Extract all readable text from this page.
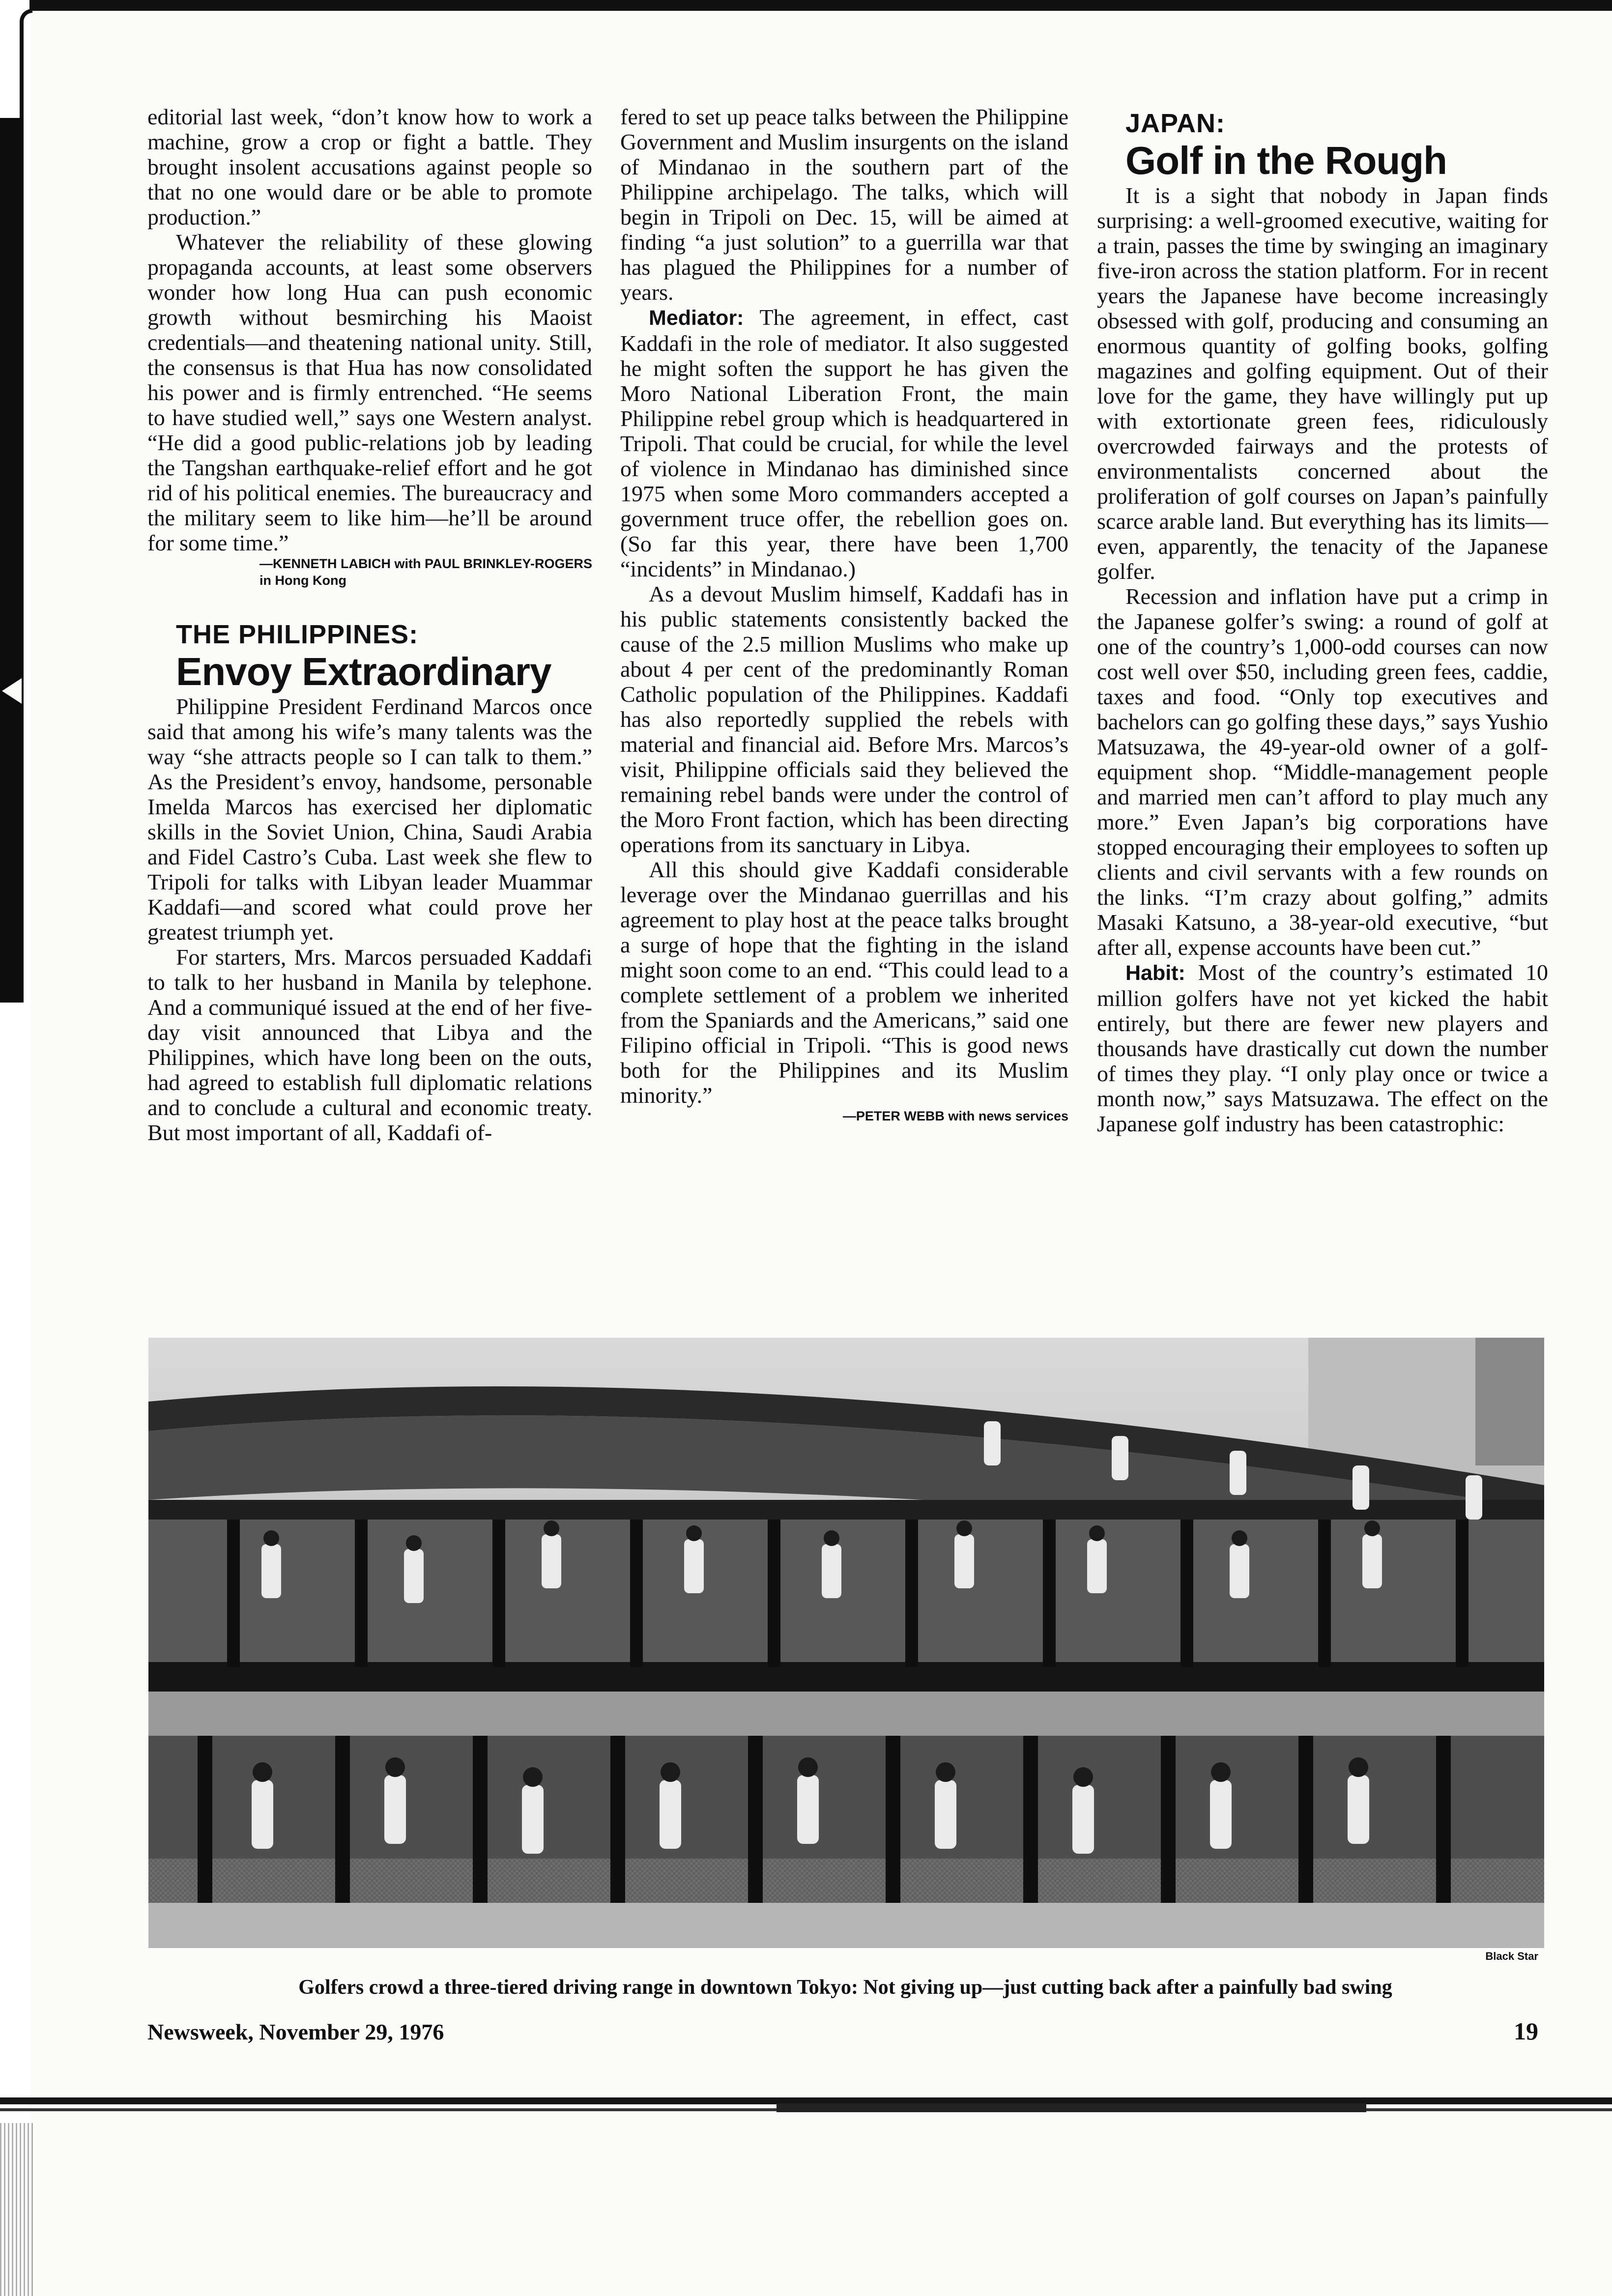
editorial last week, “don’t know how to work a machine, grow a crop or fight a battle. They brought insolent accusations against people so that no one would dare or be able to promote production.”

Whatever the reliability of these glowing propaganda accounts, at least some observers wonder how long Hua can push economic growth without besmirching his Maoist credentials—and theatening national unity. Still, the consensus is that Hua has now consolidated his power and is firmly entrenched. “He seems to have studied well,” says one Western analyst. “He did a good public-relations job by leading the Tangshan earthquake-relief effort and he got rid of his political enemies. The bureaucracy and the military seem to like him—he’ll be around for some time.”

—KENNETH LABICH with PAUL BRINKLEY-ROGERS
in Hong Kong

THE PHILIPPINES:

Envoy Extraordinary

Philippine President Ferdinand Marcos once said that among his wife’s many talents was the way “she attracts people so I can talk to them.” As the President’s envoy, handsome, personable Imelda Marcos has exercised her diplomatic skills in the Soviet Union, China, Saudi Arabia and Fidel Castro’s Cuba. Last week she flew to Tripoli for talks with Libyan leader Muammar Kaddafi—and scored what could prove her greatest triumph yet.

For starters, Mrs. Marcos persuaded Kaddafi to talk to her husband in Manila by telephone. And a communiqué issued at the end of her five-day visit announced that Libya and the Philippines, which have long been on the outs, had agreed to establish full diplomatic relations and to conclude a cultural and economic treaty. But most important of all, Kaddafi of-

fered to set up peace talks between the Philippine Government and Muslim insurgents on the island of Mindanao in the southern part of the Philippine archipelago. The talks, which will begin in Tripoli on Dec. 15, will be aimed at finding “a just solution” to a guerrilla war that has plagued the Philippines for a number of years.

Mediator: The agreement, in effect, cast Kaddafi in the role of mediator. It also suggested he might soften the support he has given the Moro National Liberation Front, the main Philippine rebel group which is headquartered in Tripoli. That could be crucial, for while the level of violence in Mindanao has diminished since 1975 when some Moro commanders accepted a government truce offer, the rebellion goes on. (So far this year, there have been 1,700 “incidents” in Mindanao.)

As a devout Muslim himself, Kaddafi has in his public statements consistently backed the cause of the 2.5 million Muslims who make up about 4 per cent of the predominantly Roman Catholic population of the Philippines. Kaddafi has also reportedly supplied the rebels with material and financial aid. Before Mrs. Marcos’s visit, Philippine officials said they believed the remaining rebel bands were under the control of the Moro Front faction, which has been directing operations from its sanctuary in Libya.

All this should give Kaddafi considerable leverage over the Mindanao guerrillas and his agreement to play host at the peace talks brought a surge of hope that the fighting in the island might soon come to an end. “This could lead to a complete settlement of a problem we inherited from the Spaniards and the Americans,” said one Filipino official in Tripoli. “This is good news both for the Philippines and its Muslim minority.”

—PETER WEBB with news services

JAPAN:

Golf in the Rough

It is a sight that nobody in Japan finds surprising: a well-groomed executive, waiting for a train, passes the time by swinging an imaginary five-iron across the station platform. For in recent years the Japanese have become increasingly obsessed with golf, producing and consuming an enormous quantity of golfing books, golfing magazines and golfing equipment. Out of their love for the game, they have willingly put up with extortionate green fees, ridiculously overcrowded fairways and the protests of environmentalists concerned about the proliferation of golf courses on Japan’s painfully scarce arable land. But everything has its limits—even, apparently, the tenacity of the Japanese golfer.

Recession and inflation have put a crimp in the Japanese golfer’s swing: a round of golf at one of the country’s 1,000-odd courses can now cost well over $50, including green fees, caddie, taxes and food. “Only top executives and bachelors can go golfing these days,” says Yushio Matsuzawa, the 49-year-old owner of a golf-equipment shop. “Middle-management people and married men can’t afford to play much any more.” Even Japan’s big corporations have stopped encouraging their employees to soften up clients and civil servants with a few rounds on the links. “I’m crazy about golfing,” admits Masaki Katsuno, a 38-year-old executive, “but after all, expense accounts have been cut.”

Habit: Most of the country’s estimated 10 million golfers have not yet kicked the habit entirely, but there are fewer new players and thousands have drastically cut down the number of times they play. “I only play once or twice a month now,” says Matsuzawa. The effect on the Japanese golf industry has been catastrophic:

Black Star
Golfers crowd a three-tiered driving range in downtown Tokyo: Not giving up—just cutting back after a painfully bad swing
Newsweek, November 29, 1976	19
